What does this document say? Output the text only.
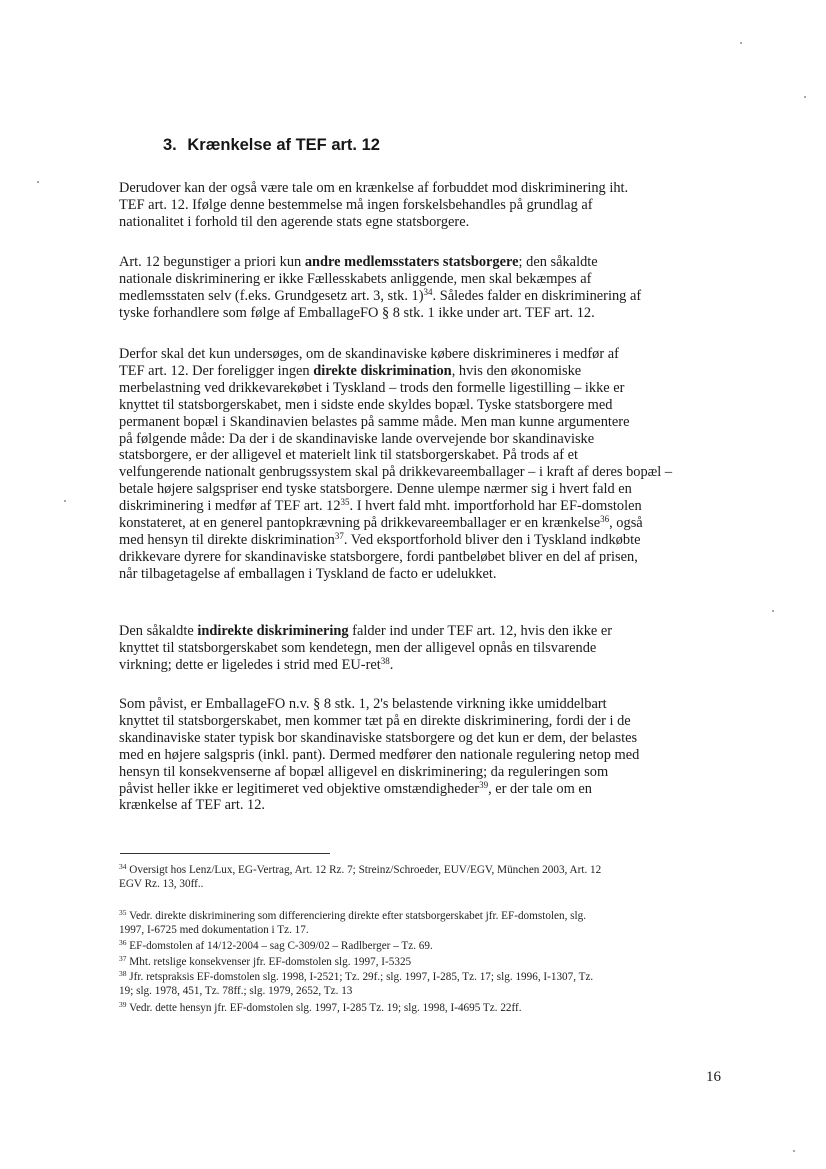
3. Krænkelse af TEF art. 12

Derudover kan der også være tale om en krænkelse af forbuddet mod diskriminering iht.
TEF art. 12. Ifølge denne bestemmelse må ingen forskelsbehandles på grundlag af
nationalitet i forhold til den agerende stats egne statsborgere.

Art. 12 begunstiger a priori kun andre medlemsstaters statsborgere; den såkaldte
nationale diskriminering er ikke Fællesskabets anliggende, men skal bekæmpes af
medlemsstaten selv (f.eks. Grundgesetz art. 3, stk. 1)$^{34}$. Således falder en diskriminering af
tyske forhandlere som følge af EmballageFO § 8 stk. 1 ikke under art. TEF art. 12.

Derfor skal det kun undersøges, om de skandinaviske købere diskrimineres i medfør af
TEF art. 12. Der foreligger ingen direkte diskrimination, hvis den økonomiske
merbelastning ved drikkevarekøbet i Tyskland – trods den formelle ligestilling – ikke er
knyttet til statsborgerskabet, men i sidste ende skyldes bopæl. Tyske statsborgere med
permanent bopæl i Skandinavien belastes på samme måde. Men man kunne argumentere
på følgende måde: Da der i de skandinaviske lande overvejende bor skandinaviske
statsborgere, er der alligevel et materielt link til statsborgerskabet. På trods af et
velfungerende nationalt genbrugssystem skal på drikkevareemballager – i kraft af deres bopæl –
betale højere salgspriser end tyske statsborgere. Denne ulempe nærmer sig i hvert fald en
diskriminering i medfør af TEF art. $12^{35}$. I hvert fald mht. importforhold har EF-domstolen
konstateret, at en generel pantopkrævning på drikkevareemballager er en krænkelse$^{36}$, også
med hensyn til direkte diskrimination$^{37}$. Ved eksportforhold bliver den i Tyskland indkøbte
drikkevare dyrere for skandinaviske statsborgere, fordi pantbeløbet bliver en del af prisen,
når tilbagetagelse af emballagen i Tyskland de facto er udelukket.

Den såkaldte indirekte diskriminering falder ind under TEF art. 12, hvis den ikke er
knyttet til statsborgerskabet som kendetegn, men der alligevel opnås en tilsvarende
virkning; dette er ligeledes i strid med EU-ret$^{38}$.

Som påvist, er EmballageFO n.v. § 8 stk. 1, 2's belastende virkning ikke umiddelbart
knyttet til statsborgerskabet, men kommer tæt på en direkte diskriminering, fordi der i de
skandinaviske stater typisk bor skandinaviske statsborgere og det kun er dem, der belastes
med en højere salgspris (inkl. pant). Dermed medfører den nationale regulering netop med
hensyn til konsekvenserne af bopæl alligevel en diskriminering; da reguleringen som
påvist heller ikke er legitimeret ved objektive omstændigheder$^{39}$, er der tale om en
krænkelse af TEF art. 12.

$^{34}$ Oversigt hos Lenz/Lux, EG-Vertrag, Art. 12 Rz. 7; Streinz/Schroeder, EUV/EGV, München 2003, Art. 12
EGV Rz. 13, 30ff..

$^{35}$ Vedr. direkte diskriminering som differenciering direkte efter statsborgerskabet jfr. EF-domstolen, slg.
1997, I-6725 med dokumentation i Tz. 17.

$^{36}$ EF-domstolen af 14/12-2004 – sag C-309/02 – Radlberger – Tz. 69.

$^{37}$ Mht. retslige konsekvenser jfr. EF-domstolen slg. 1997, I-5325

$^{38}$ Jfr. retspraksis EF-domstolen slg. 1998, I-2521; Tz. 29f.; slg. 1997, I-285, Tz. 17; slg. 1996, I-1307, Tz.
19; slg. 1978, 451, Tz. 78ff.; slg. 1979, 2652, Tz. 13

$^{39}$ Vedr. dette hensyn jfr. EF-domstolen slg. 1997, I-285 Tz. 19; slg. 1998, I-4695 Tz. 22ff.

16
